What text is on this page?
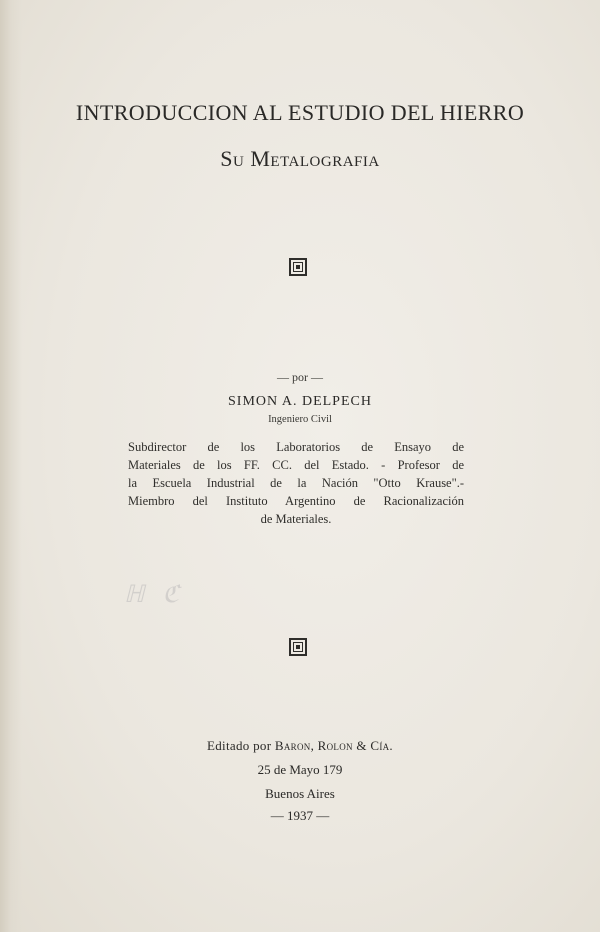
INTRODUCCION AL ESTUDIO DEL HIERRO
Su Metalografia
— por —
SIMON A. DELPECH
Ingeniero Civil
Subdirector de los Laboratorios de Ensayo de
Materiales de los FF. CC. del Estado. - Profesor de
la Escuela Industrial de la Nación "Otto Krause".-
Miembro del Instituto Argentino de Racionalización
de Materiales.
ℍ ℭ
Editado por Baron, Rolon & Cía.
25 de Mayo 179
Buenos Aires
— 1937 —
